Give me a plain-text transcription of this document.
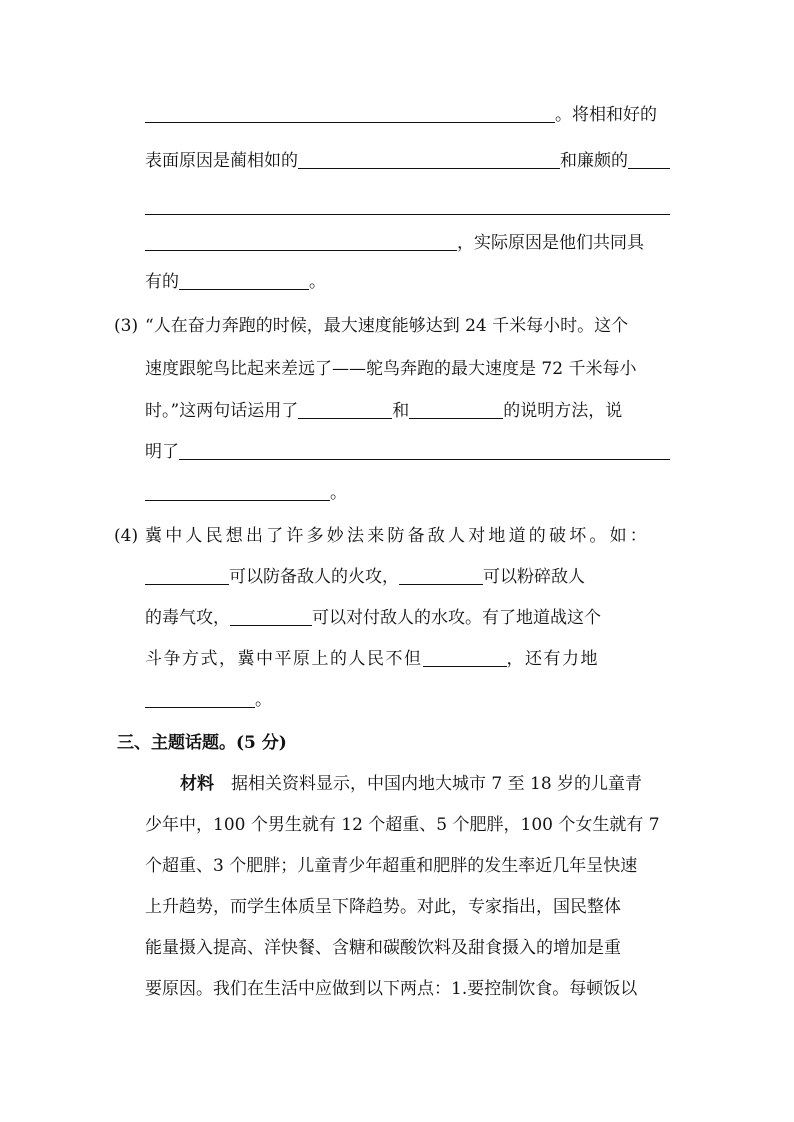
。将相和好的
表面原因是蔺相如的	和廉颇的
，实际原因是他们共同具
有的	。
(3) “人在奋力奔跑的时候，最大速度能够达到 24 千米每小时。这个
速度跟鸵鸟比起来差远了——鸵鸟奔跑的最大速度是 72 千米每小
时。”这两句话运用了	和	的说明方法，说
明了
。
(4) 冀中人民想出了许多妙法来防备敌人对地道的破坏。如：
可以防备敌人的火攻，	可以粉碎敌人
的毒气攻，	可以对付敌人的水攻。有了地道战这个
斗争方式，冀中平原上的人民不但	，还有力地
。
三、主题话题。(5 分)
材料 据相关资料显示，中国内地大城市 7 至 18 岁的儿童青
少年中，100 个男生就有 12 个超重、5 个肥胖，100 个女生就有 7
个超重、3 个肥胖；儿童青少年超重和肥胖的发生率近几年呈快速
上升趋势，而学生体质呈下降趋势。对此，专家指出，国民整体
能量摄入提高、洋快餐、含糖和碳酸饮料及甜食摄入的增加是重
要原因。我们在生活中应做到以下两点：1.要控制饮食。每顿饭以
